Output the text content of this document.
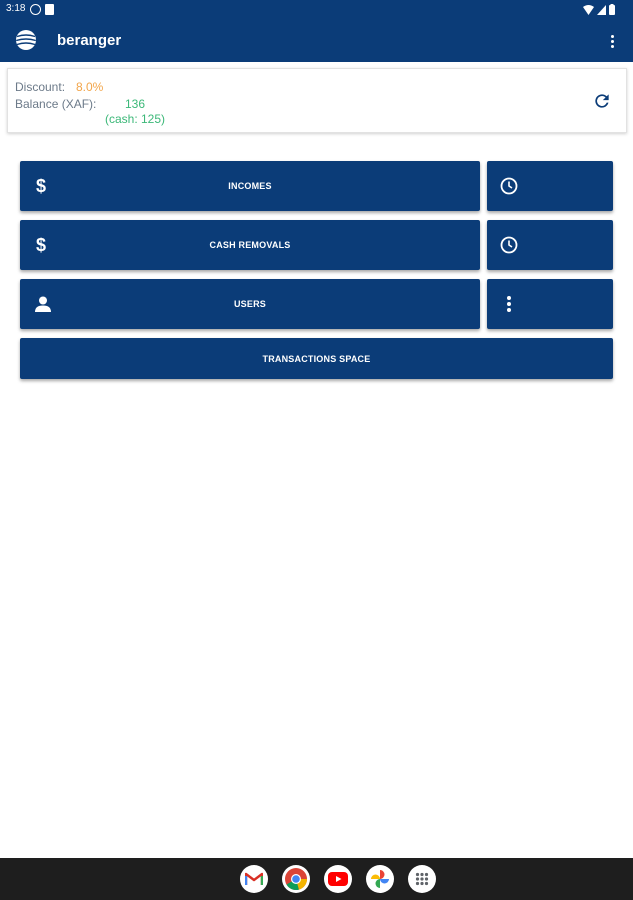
3:18
beranger
Discount: 8.0%
Balance (XAF): 136
(cash: 125)
$	INCOMES
$	CASH REMOVALS
USERS
TRANSACTIONS SPACE
